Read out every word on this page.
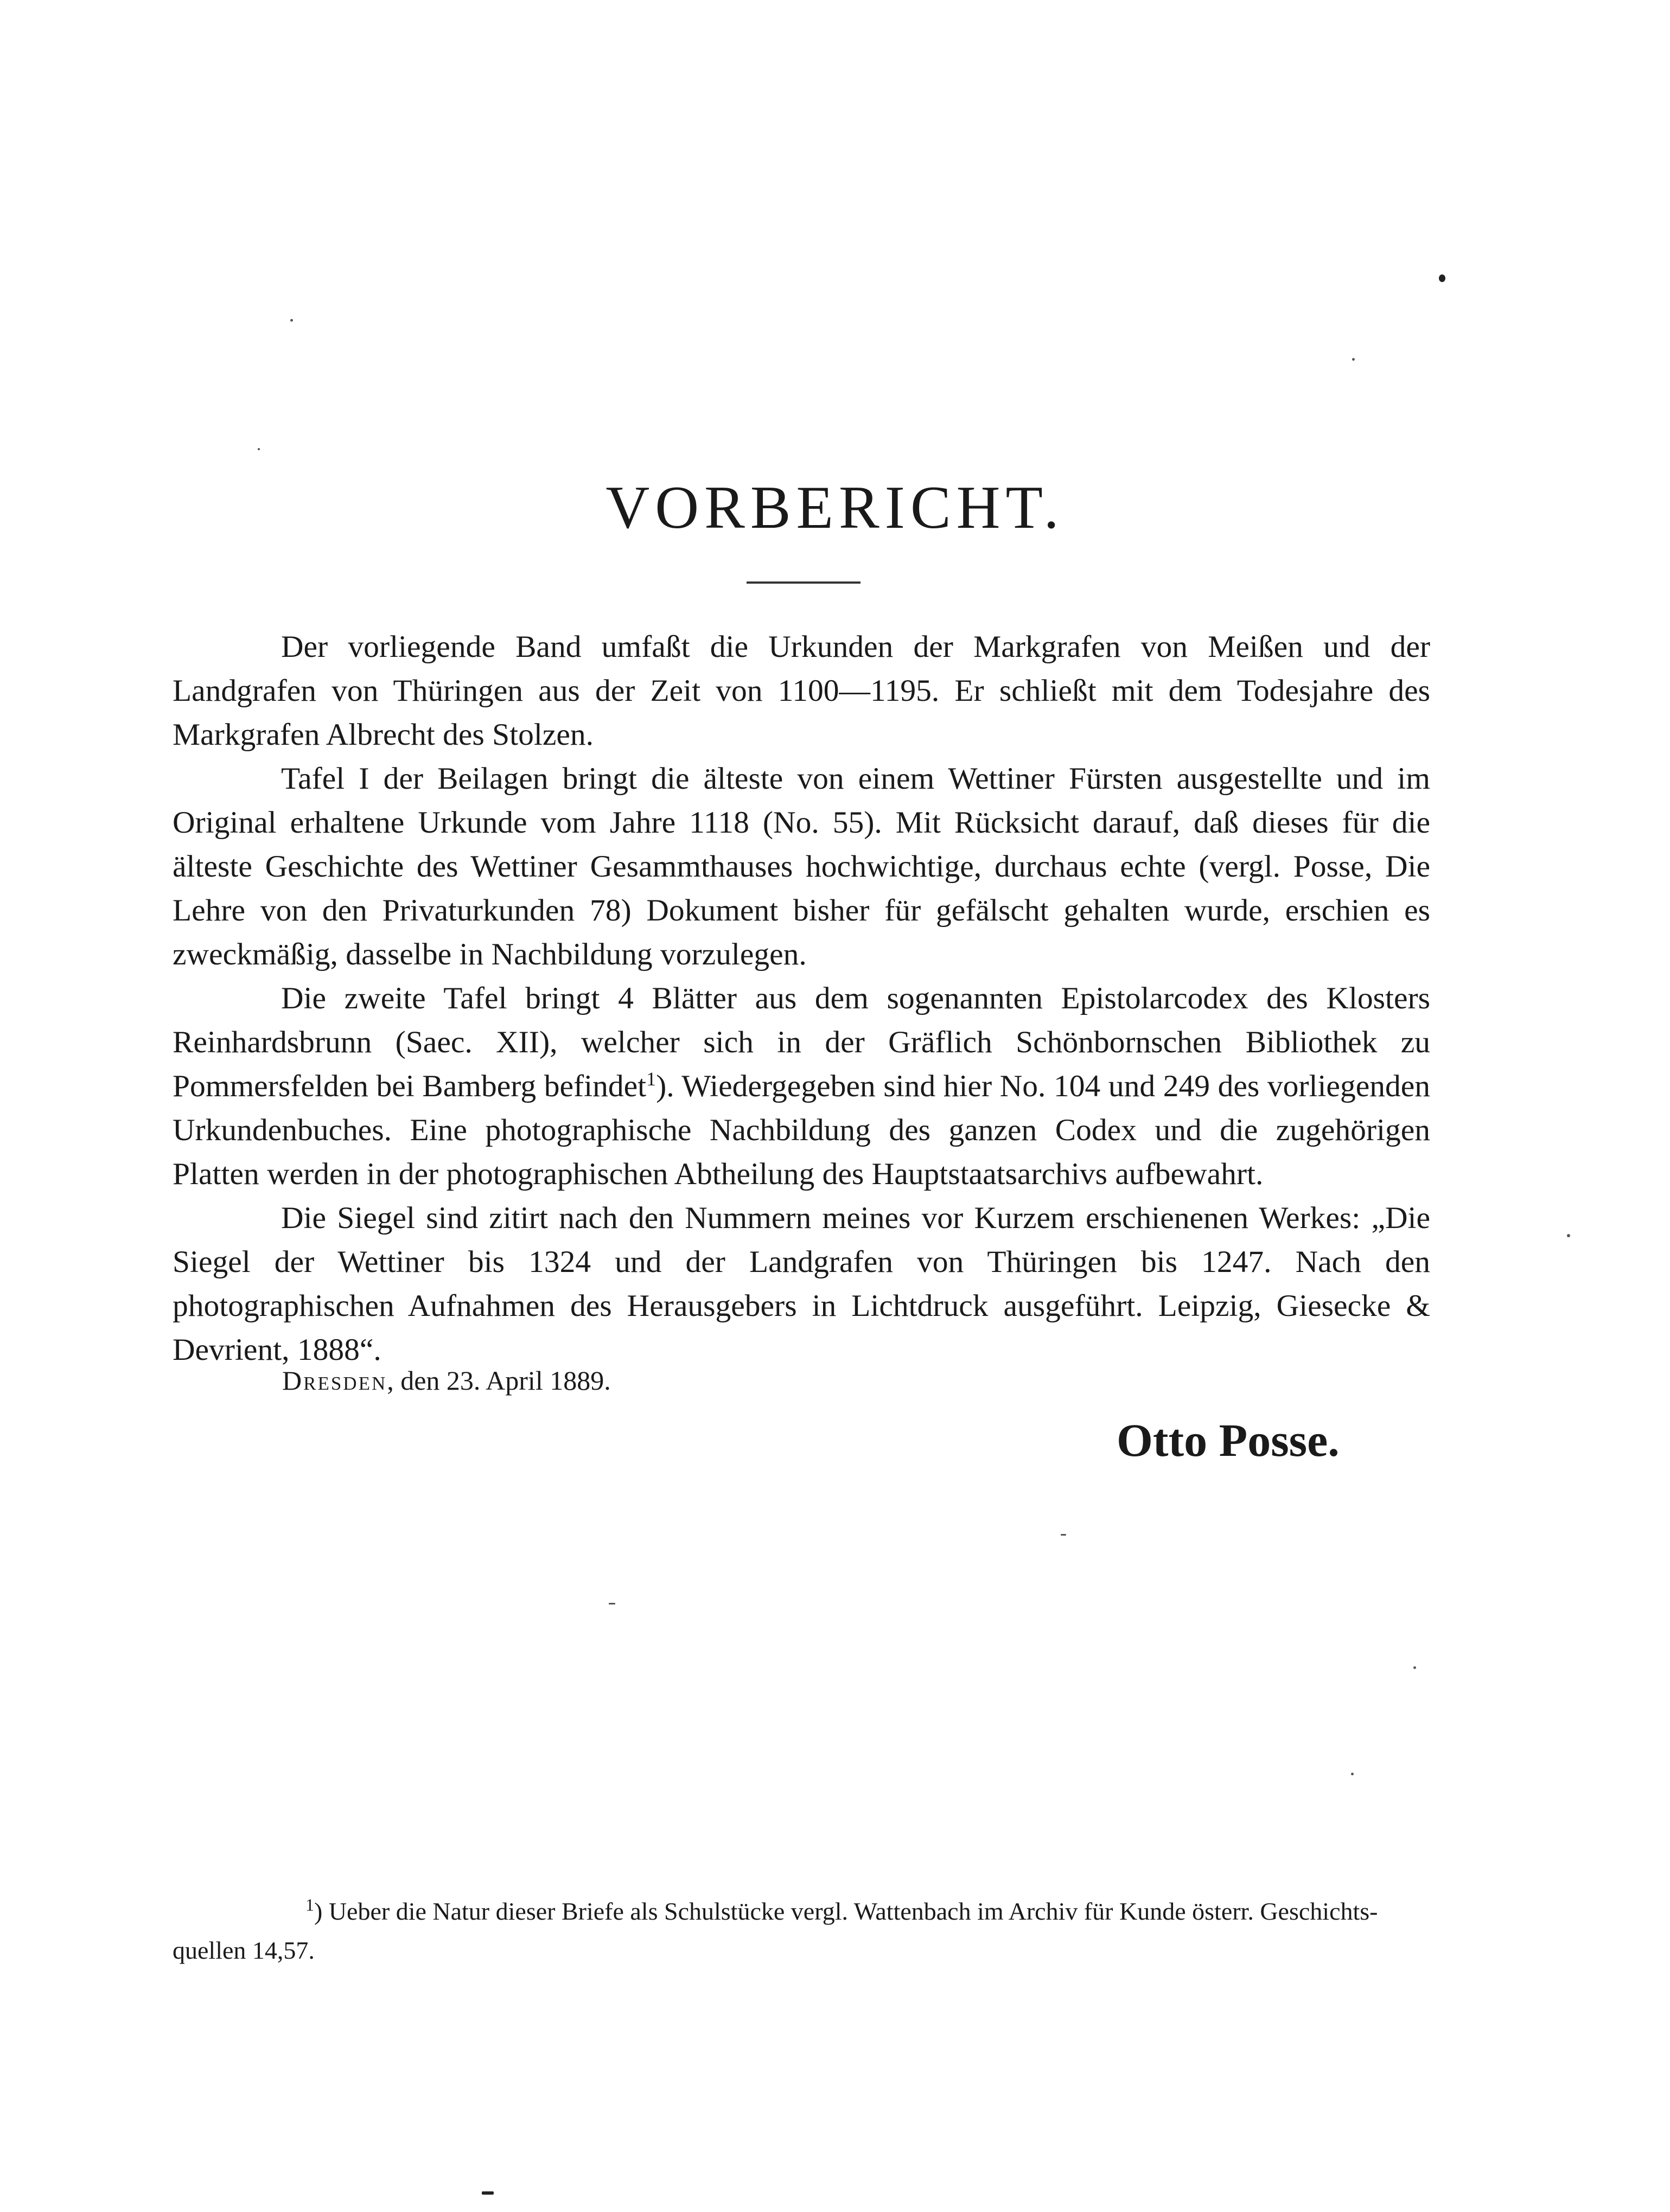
VORBERICHT.

Der vorliegende Band umfaßt die Urkunden der Markgrafen von Meißen und der Landgrafen von Thüringen aus der Zeit von 1100—1195. Er schließt mit dem Todesjahre des Markgrafen Albrecht des Stolzen.

Tafel I der Beilagen bringt die älteste von einem Wettiner Fürsten ausgestellte und im Original erhaltene Urkunde vom Jahre 1118 (No. 55). Mit Rücksicht darauf, daß dieses für die älteste Geschichte des Wettiner Gesammthauses hochwichtige, durchaus echte (vergl. Posse, Die Lehre von den Privaturkunden 78) Dokument bisher für gefälscht gehalten wurde, erschien es zweckmäßig, dasselbe in Nachbildung vorzulegen.

Die zweite Tafel bringt 4 Blätter aus dem sogenannten Epistolarcodex des Klosters Reinhardsbrunn (Saec. XII), welcher sich in der Gräflich Schönbornschen Bibliothek zu Pommersfelden bei Bamberg befindet$^1$). Wiedergegeben sind hier No. 104 und 249 des vorliegenden Urkundenbuches. Eine photographische Nachbildung des ganzen Codex und die zugehörigen Platten werden in der photographischen Abtheilung des Hauptstaatsarchivs aufbewahrt.

Die Siegel sind zitirt nach den Nummern meines vor Kurzem erschienenen Werkes: „Die Siegel der Wettiner bis 1324 und der Landgrafen von Thüringen bis 1247. Nach den photographischen Aufnahmen des Herausgebers in Lichtdruck ausgeführt. Leipzig, Giesecke & Devrient, 1888“.

Dresden, den 23. April 1889.
Otto Posse.
$^1$) Ueber die Natur dieser Briefe als Schulstücke vergl. Wattenbach im Archiv für Kunde österr. Geschichts-
quellen 14,57.
